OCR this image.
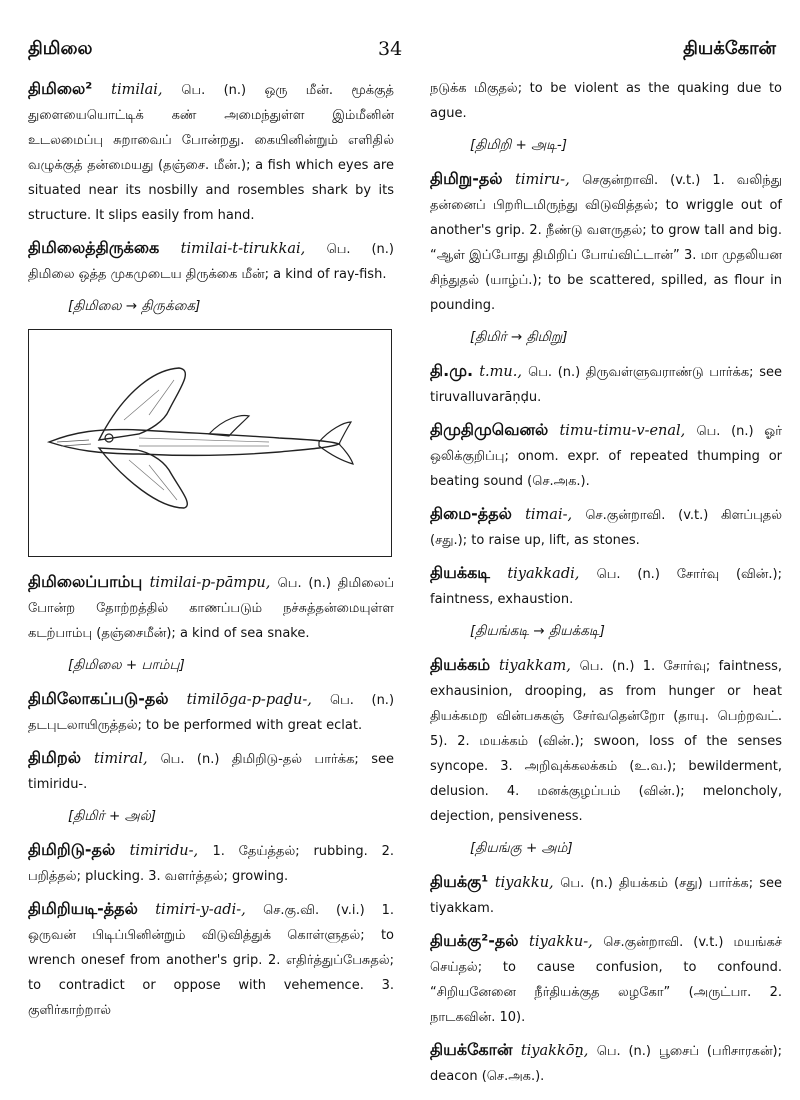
திமிலை	34	தியக்கோன்
திமிலை² timilai, பெ. (n.) ஒரு மீன். மூக்குத் துளையையொட்டிக் கண் அமைந்துள்ள இம்மீனின் உடலமைப்பு சுறாவைப் போன்றது. கையினின்றும் எளிதில் வழுக்குத் தன்மையது (தஞ்சை. மீன்.); a fish which eyes are situated near its nosbilly and rosembles shark by its structure. It slips easily from hand.
திமிலைத்திருக்கை timilai-t-tirukkai, பெ. (n.) திமிலை ஒத்த முகமுடைய திருக்கை மீன்; a kind of ray-fish.
[திமிலை → திருக்கை]
திமிலைப்பாம்பு timilai-p-pāmpu, பெ. (n.) திமிலைப் போன்ற தோற்றத்தில் காணப்படும் நச்சுத்தன்மையுள்ள கடற்பாம்பு (தஞ்சைமீன்); a kind of sea snake.
[திமிலை + பாம்பு]
திமிலோகப்படு-தல் timilōga-p-paḏu-, பெ. (n.) தடபுடலாயிருத்தல்; to be performed with great eclat.
திமிறல் timiral, பெ. (n.) திமிறிடு-தல் பார்க்க; see timiridu-.
[திமிர் + அல்]
திமிறிடு-தல் timiridu-, 1. தேய்த்தல்; rubbing. 2. பறித்தல்; plucking. 3. வளர்த்தல்; growing.
திமிறியடி-த்தல் timiri-y-adi-, செ.கு.வி. (v.i.) 1. ஒருவன் பிடிப்பினின்றும் விடுவித்துக் கொள்ளுதல்; to wrench onesef from another's grip. 2. எதிர்த்துப்பேசுதல்; to contradict or oppose with vehemence. 3. குளிர்காற்றால்
நடுக்க மிகுதல்; to be violent as the quaking due to ague.
[திமிறி + அடி-]
திமிறு-தல் timiru-, செகுன்றாவி. (v.t.) 1. வலிந்து தன்னைப் பிறரிடமிருந்து விடுவித்தல்; to wriggle out of another's grip. 2. நீண்டு வளருதல்; to grow tall and big. “ஆள் இப்போது திமிறிப் போய்விட்டான்” 3. மா முதலியன சிந்துதல் (யாழ்ப்.); to be scattered, spilled, as flour in pounding.
[திமிர் → திமிறு]
தி.மு. t.mu., பெ. (n.) திருவள்ளுவராண்டு பார்க்க; see tiruvalluvarāṇḍu.
திமுதிமுவெனல் timu-timu-v-enal, பெ. (n.) ஓர் ஒலிக்குறிப்பு; onom. expr. of repeated thumping or beating sound (செ.அக.).
திமை-த்தல் timai-, செ.குன்றாவி. (v.t.) கிளப்புதல் (சது.); to raise up, lift, as stones.
தியக்கடி tiyakkadi, பெ. (n.) சோர்வு (வின்.); faintness, exhaustion.
[தியங்கடி → தியக்கடி]
தியக்கம் tiyakkam, பெ. (n.) 1. சோர்வு; faintness, exhausinion, drooping, as from hunger or heat தியக்கமற வின்பசுகஞ் சேர்வதென்றோ (தாயு. பெற்றவட். 5). 2. மயக்கம் (வின்.); swoon, loss of the senses syncope. 3. அறிவுக்கலக்கம் (உ.வ.); bewilderment, delusion. 4. மனக்குழப்பம் (வின்.); meloncholy, dejection, pensiveness.
[தியங்கு + அம்]
தியக்கு¹ tiyakku, பெ. (n.) தியக்கம் (சது) பார்க்க; see tiyakkam.
தியக்கு²-தல் tiyakku-, செ.குன்றாவி. (v.t.) மயங்கச் செய்தல்; to cause confusion, to confound. “சிறியனேனை நீர்தியக்குத லழகோ” (அருட்பா. 2. நாடகவின். 10).
தியக்கோன் tiyakkōṉ, பெ. (n.) பூசைப் (பரிசாரகன்); deacon (செ.அக.).
